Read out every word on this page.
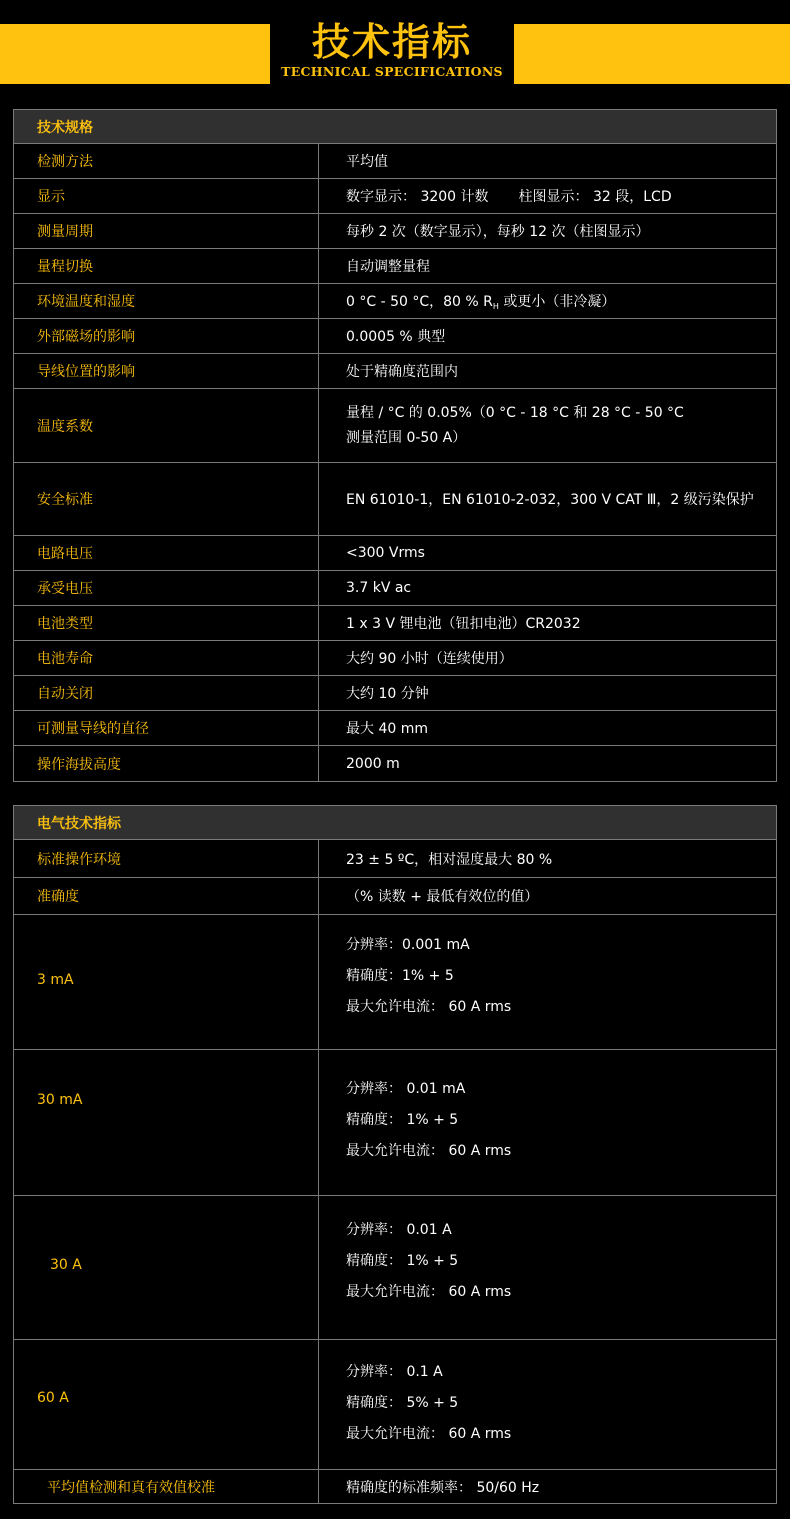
技术指标
TECHNICAL SPECIFICATIONS
技术规格	
检测方法	平均值
显示	数字显示： 3200 计数 柱图显示： 32 段，LCD
测量周期	每秒 2 次（数字显示），每秒 12 次（柱图显示）
量程切换	自动调整量程
环境温度和湿度	0 °C - 50 °C，80 % $R_H$ 或更小（非冷凝）
外部磁场的影响	0.0005 % 典型
导线位置的影响	处于精确度范围内
温度系数	量程 / °C 的 0.05%（0 °C - 18 °C 和 28 °C - 50 °C
测量范围 0-50 A）

安全标准	EN 61010-1，EN 61010-2-032，300 V CAT Ⅲ，2 级污染保护
电路电压	<300 Vrms
承受电压	3.7 kV ac
电池类型	1 x 3 V 锂电池（钮扣电池）CR2032
电池寿命	大约 90 小时（连续使用）
自动关闭	大约 10 分钟
可测量导线的直径	最大 40 mm
操作海拔高度	2000 m
电气技术指标	
标准操作环境	23 ± 5 ºC，相对湿度最大 80 %
准确度	（% 读数 + 最低有效位的值）
3 mA	分辨率：0.001 mA
精确度：1% + 5
最大允许电流： 60 A rms

30 mA	分辨率： 0.01 mA
精确度： 1% + 5
最大允许电流： 60 A rms

30 A	分辨率： 0.01 A
精确度： 1% + 5
最大允许电流： 60 A rms

60 A	分辨率： 0.1 A
精确度： 5% + 5
最大允许电流： 60 A rms

平均值检测和真有效值校准	精确度的标准频率： 50/60 Hz
